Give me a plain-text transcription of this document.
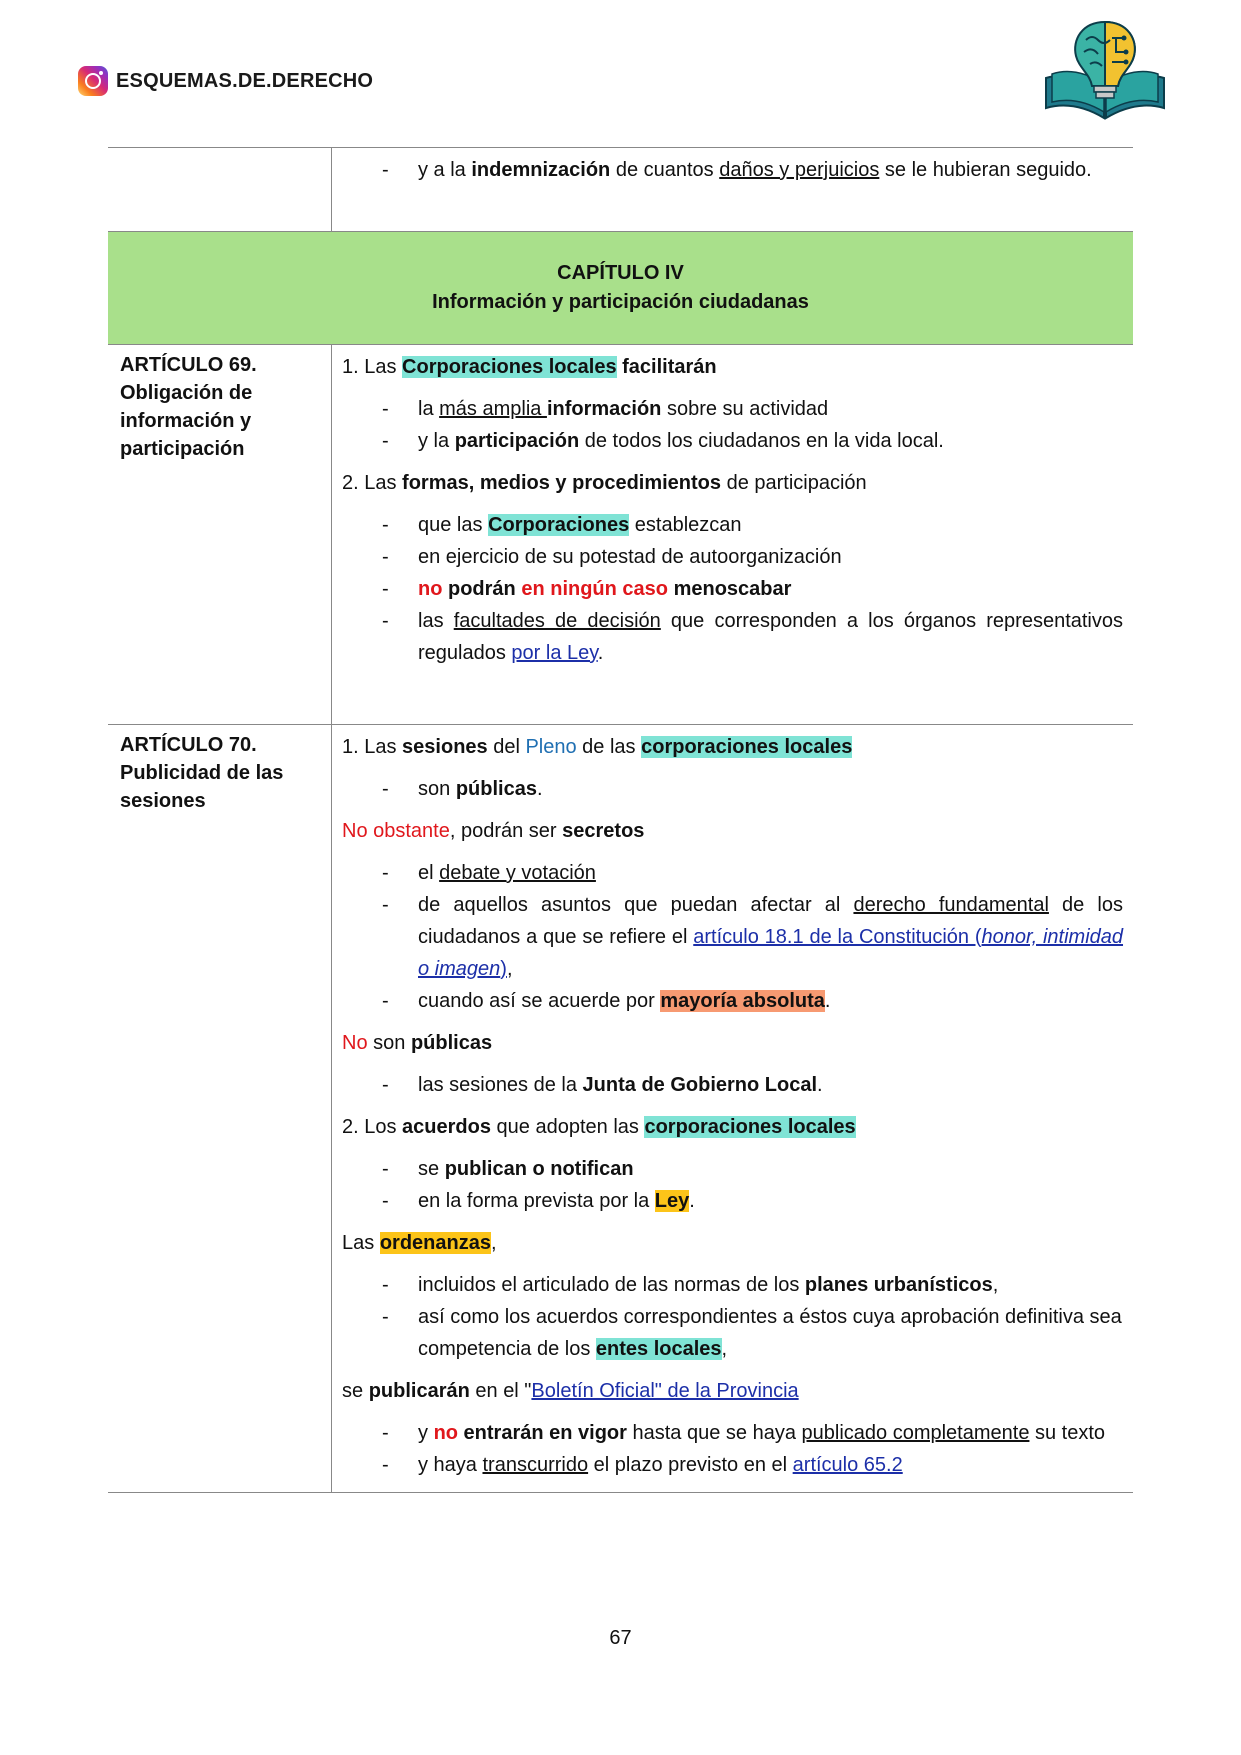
ESQUEMAS.DE.DERECHO

- y a la indemnización de cuantos daños y perjuicios se le hubieran seguido.

CAPÍTULO IV
Información y participación ciudadanas	

ARTÍCULO 69.
Obligación de
información y
participación

1. Las Corporaciones locales facilitarán
- la más amplia información sobre su actividad
- y la participación de todos los ciudadanos en la vida local.
2. Las formas, medios y procedimientos de participación
- que las Corporaciones establezcan
- en ejercicio de su potestad de autoorganización
- no podrán en ningún caso menoscabar
- las facultades de decisión que corresponden a los órganos representativos regulados por la Ley.

ARTÍCULO 70.
Publicidad de las
sesiones

1. Las sesiones del Pleno de las corporaciones locales
- son públicas.
No obstante, podrán ser secretos
- el debate y votación
- de aquellos asuntos que puedan afectar al derecho fundamental de los ciudadanos a que se refiere el artículo 18.1 de la Constitución (honor, intimidad o imagen),
- cuando así se acuerde por mayoría absoluta.
No son públicas
- las sesiones de la Junta de Gobierno Local.
2. Los acuerdos que adopten las corporaciones locales
- se publican o notifican
- en la forma prevista por la Ley.
Las ordenanzas,
- incluidos el articulado de las normas de los planes urbanísticos,
- así como los acuerdos correspondientes a éstos cuya aprobación definitiva sea competencia de los entes locales,
se publicarán en el "Boletín Oficial" de la Provincia
- y no entrarán en vigor hasta que se haya publicado completamente su texto
- y haya transcurrido el plazo previsto en el artículo 65.2
67
